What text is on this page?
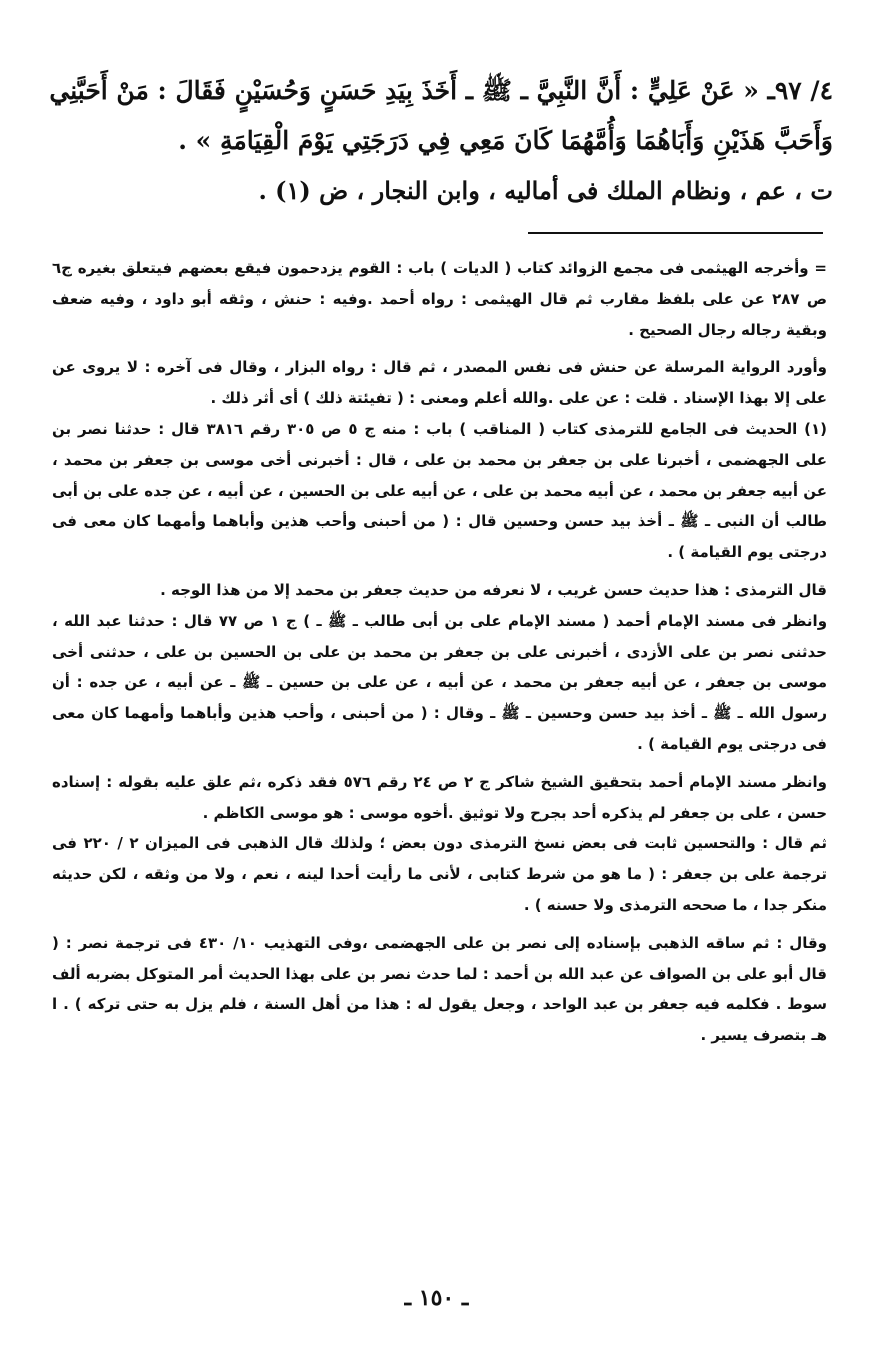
٤/ ٩٧ـ « عَنْ عَلِيٍّ : أَنَّ النَّبِيَّ ـ ﷺ ـ أَخَذَ بِيَدِ حَسَنٍ وَحُسَيْنٍ فَقَالَ : مَنْ أَحَبَّنِي

وَأَحَبَّ هَذَيْنِ وَأَبَاهُمَا وَأُمَّهُمَا كَانَ مَعِي فِي دَرَجَتِي يَوْمَ الْقِيَامَةِ » .

ت ، عم ، ونظام الملك فى أماليه ، وابن النجار ، ض (١) .

= وأخرجه الهيثمى فى مجمع الزوائد كتاب ( الديات ) باب : القوم يزدحمون فيقع بعضهم فيتعلق بغيره ج٦ ص ٢٨٧ عن على بلفظ مقارب ثم قال الهيثمى : رواه أحمد .وفيه : حنش ، وثقه أبو داود ، وفيه ضعف وبقية رجاله رجال الصحيح .

وأورد الرواية المرسلة عن حنش فى نفس المصدر ، ثم قال : رواه البزار ، وقال فى آخره : لا يروى عن على إلا بهذا الإسناد . قلت : عن على .والله أعلم ومعنى : ( تفيئتة ذلك ) أى أثر ذلك .

(١) الحديث فى الجامع للترمذى كتاب ( المناقب ) باب : منه ج ٥ ص ٣٠٥ رقم ٣٨١٦ قال : حدثنا نصر بن على الجهضمى ، أخبرنا على بن جعفر بن محمد بن على ، قال : أخبرنى أخى موسى بن جعفر بن محمد ، عن أبيه جعفر بن محمد ، عن أبيه محمد بن على ، عن أبيه على بن الحسين ، عن أبيه ، عن جده على بن أبى طالب أن النبى ـ ﷺ ـ أخذ بيد حسن وحسين قال : ( من أحبنى وأحب هذين وأباهما وأمهما كان معى فى درجتى يوم القيامة ) .

قال الترمذى : هذا حديث حسن غريب ، لا نعرفه من حديث جعفر بن محمد إلا من هذا الوجه .

وانظر فى مسند الإمام أحمد ( مسند الإمام على بن أبى طالب ـ ﷺ ـ ) ج ١ ص ٧٧ قال : حدثنا عبد الله ، حدثنى نصر بن على الأزدى ، أخبرنى على بن جعفر بن محمد بن على بن الحسين بن على ، حدثنى أخى موسى بن جعفر ، عن أبيه جعفر بن محمد ، عن أبيه ، عن على بن حسين ـ ﷺ ـ عن أبيه ، عن جده : أن رسول الله ـ ﷺ ـ أخذ بيد حسن وحسين ـ ﷺ ـ وقال : ( من أحبنى ، وأحب هذين وأباهما وأمهما كان معى فى درجتى يوم القيامة ) .

وانظر مسند الإمام أحمد بتحقيق الشيخ شاكر ج ٢ ص ٢٤ رقم ٥٧٦ فقد ذكره ،ثم علق عليه بقوله : إسناده حسن ، على بن جعفر لم يذكره أحد بجرح ولا توثيق .أخوه موسى : هو موسى الكاظم .

ثم قال : والتحسين ثابت فى بعض نسخ الترمذى دون بعض ؛ ولذلك قال الذهبى فى الميزان ٢ / ٢٢٠ فى ترجمة على بن جعفر : ( ما هو من شرط كتابى ، لأنى ما رأيت أحدا لينه ، نعم ، ولا من وثقه ، لكن حديثه منكر جدا ، ما صححه الترمذى ولا حسنه ) .

وقال : ثم ساقه الذهبى بإسناده إلى نصر بن على الجهضمى ،وفى التهذيب ١٠/ ٤٣٠ فى ترجمة نصر : ( قال أبو على بن الصواف عن عبد الله بن أحمد : لما حدث نصر بن على بهذا الحديث أمر المتوكل بضربه ألف سوط . فكلمه فيه جعفر بن عبد الواحد ، وجعل يقول له : هذا من أهل السنة ، فلم يزل به حتى تركه ) . ا هـ بتصرف يسير .

ـ ١٥٠ ـ
